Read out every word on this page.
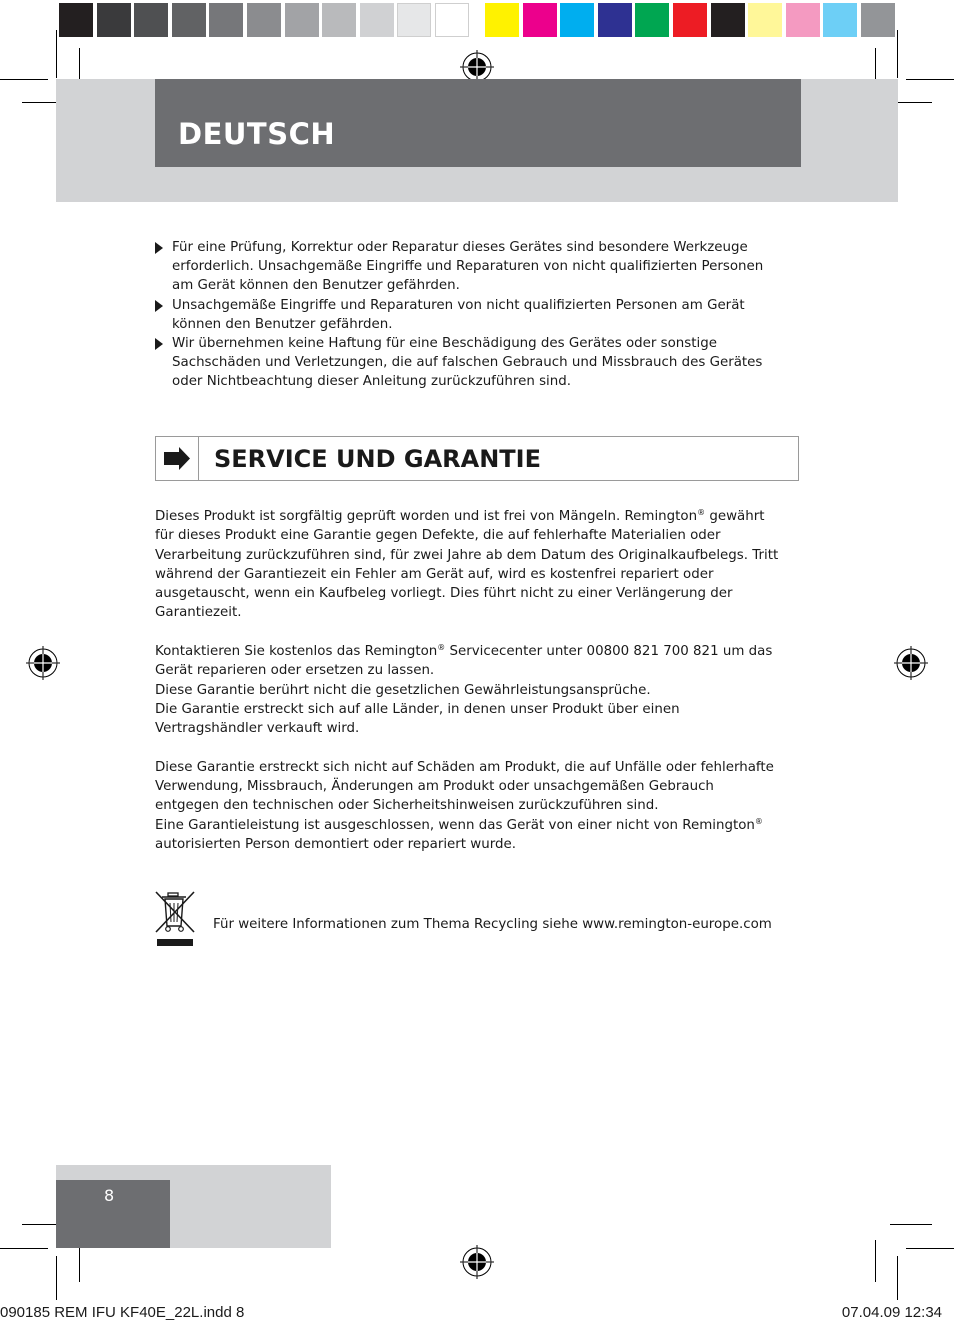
DEUTSCH
Für eine Prüfung, Korrektur oder Reparatur dieses Gerätes sind besondere Werkzeuge erforderlich. Unsachgemäße Eingriffe und Reparaturen von nicht qualifizierten Personen am Gerät können den Benutzer gefährden.
Unsachgemäße Eingriffe und Reparaturen von nicht qualifizierten Personen am Gerät können den Benutzer gefährden.
Wir übernehmen keine Haftung für eine Beschädigung des Gerätes oder sonstige Sachschäden und Verletzungen, die auf falschen Gebrauch und Missbrauch des Gerätes oder Nichtbeachtung dieser Anleitung zurückzuführen sind.
SERVICE UND GARANTIE

Dieses Produkt ist sorgfältig geprüft worden und ist frei von Mängeln. Remington® gewährt für dieses Produkt eine Garantie gegen Defekte, die auf fehlerhafte Materialien oder Verarbeitung zurückzuführen sind, für zwei Jahre ab dem Datum des Originalkaufbelegs. Tritt während der Garantiezeit ein Fehler am Gerät auf, wird es kostenfrei repariert oder ausgetauscht, wenn ein Kaufbeleg vorliegt. Dies führt nicht zu einer Verlängerung der Garantiezeit.

Kontaktieren Sie kostenlos das Remington® Servicecenter unter 00800 821 700 821 um das Gerät reparieren oder ersetzen zu lassen.
Diese Garantie berührt nicht die gesetzlichen Gewährleistungsansprüche.
Die Garantie erstreckt sich auf alle Länder, in denen unser Produkt über einen Vertragshändler verkauft wird.

Diese Garantie erstreckt sich nicht auf Schäden am Produkt, die auf Unfälle oder fehlerhafte Verwendung, Missbrauch, Änderungen am Produkt oder unsachgemäßen Gebrauch entgegen den technischen oder Sicherheitshinweisen zurückzuführen sind.
Eine Garantieleistung ist ausgeschlossen, wenn das Gerät von einer nicht von Remington®
autorisierten Person demontiert oder repariert wurde.

Für weitere Informationen zum Thema Recycling siehe www.remington-europe.com
8
090185 REM IFU KF40E_22L.indd 8	07.04.09 12:34
